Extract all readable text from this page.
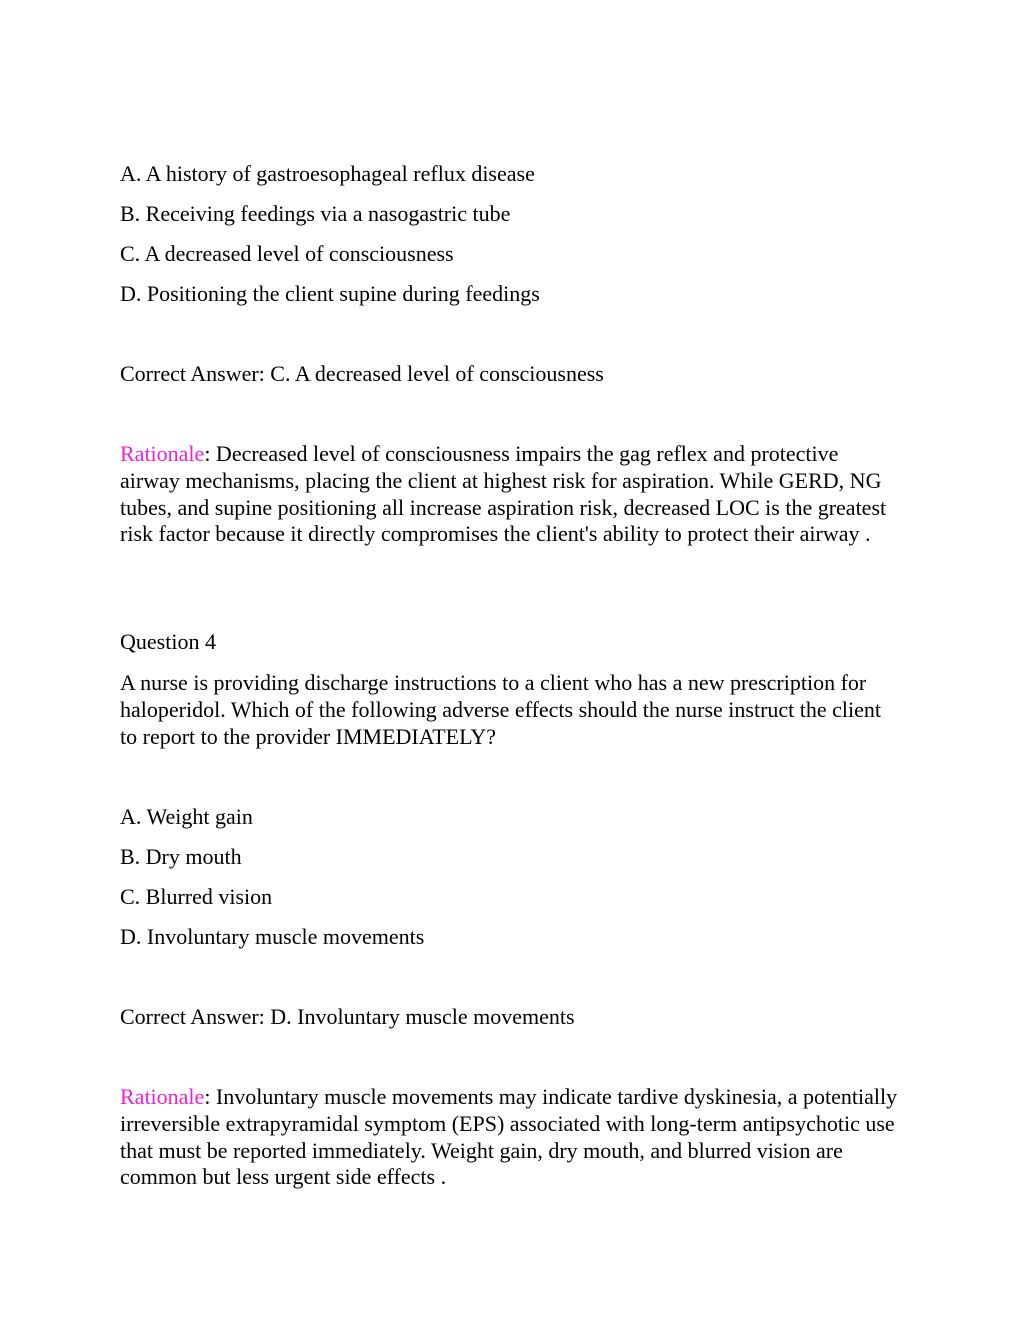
A. A history of gastroesophageal reflux disease
B. Receiving feedings via a nasogastric tube
C. A decreased level of consciousness
D. Positioning the client supine during feedings
Correct Answer: C. A decreased level of consciousness
Rationale: Decreased level of consciousness impairs the gag reflex and protective airway mechanisms, placing the client at highest risk for aspiration. While GERD, NG tubes, and supine positioning all increase aspiration risk, decreased LOC is the greatest risk factor because it directly compromises the client's ability to protect their airway .
Question 4
A nurse is providing discharge instructions to a client who has a new prescription for haloperidol. Which of the following adverse effects should the nurse instruct the client to report to the provider IMMEDIATELY?
A. Weight gain
B. Dry mouth
C. Blurred vision
D. Involuntary muscle movements
Correct Answer: D. Involuntary muscle movements
Rationale: Involuntary muscle movements may indicate tardive dyskinesia, a potentially irreversible extrapyramidal symptom (EPS) associated with long-term antipsychotic use that must be reported immediately. Weight gain, dry mouth, and blurred vision are common but less urgent side effects .
